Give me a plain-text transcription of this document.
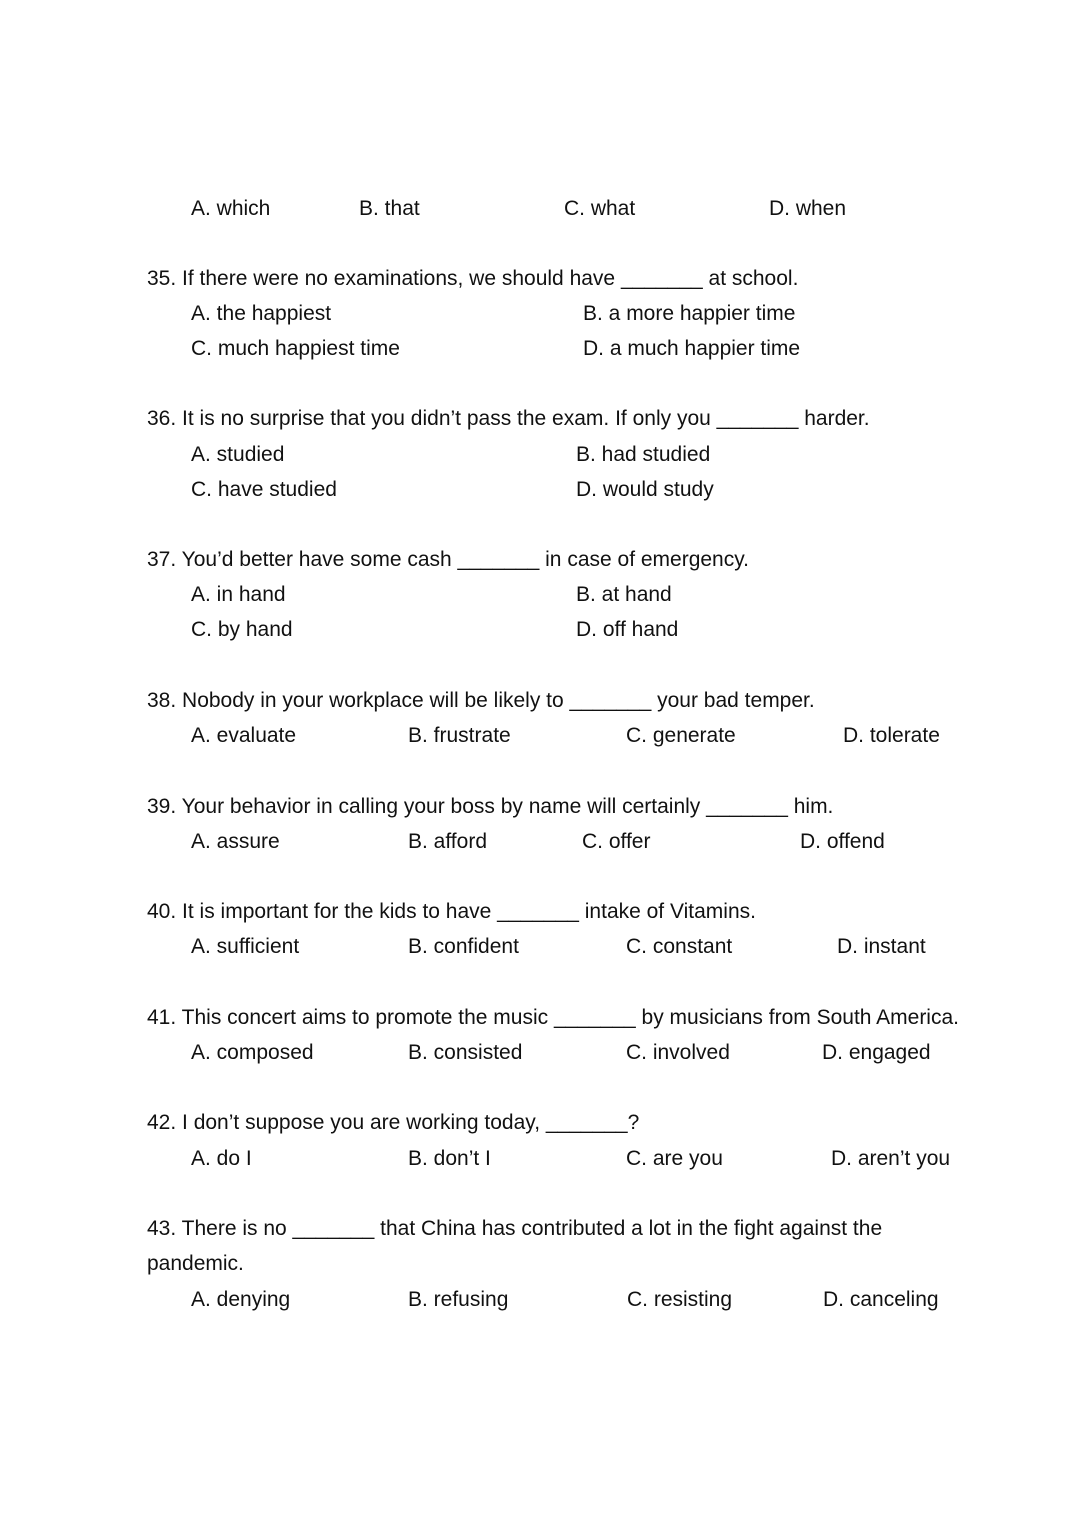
A. which	B. that	C. what	D. when
35. If there were no examinations, we should have _______ at school.
A. the happiest	B. a more happier time
C. much happiest time	D. a much happier time
36. It is no surprise that you didn’t pass the exam. If only you _______ harder.
A. studied	B. had studied
C. have studied	D. would study
37. You’d better have some cash _______ in case of emergency.
A. in hand	B. at hand
C. by hand	D. off hand
38. Nobody in your workplace will be likely to _______ your bad temper.
A. evaluate	B. frustrate	C. generate	D. tolerate
39. Your behavior in calling your boss by name will certainly _______ him.
A. assure	B. afford	C. offer	D. offend
40. It is important for the kids to have _______ intake of Vitamins.
A. sufficient	B. confident	C. constant	D. instant
41. This concert aims to promote the music _______ by musicians from South America.
A. composed	B. consisted	C. involved	D. engaged
42. I don’t suppose you are working today, _______?
A. do I	B. don’t I	C. are you	D. aren’t you
43. There is no _______ that China has contributed a lot in the fight against the
pandemic.
A. denying	B. refusing	C. resisting	D. canceling
